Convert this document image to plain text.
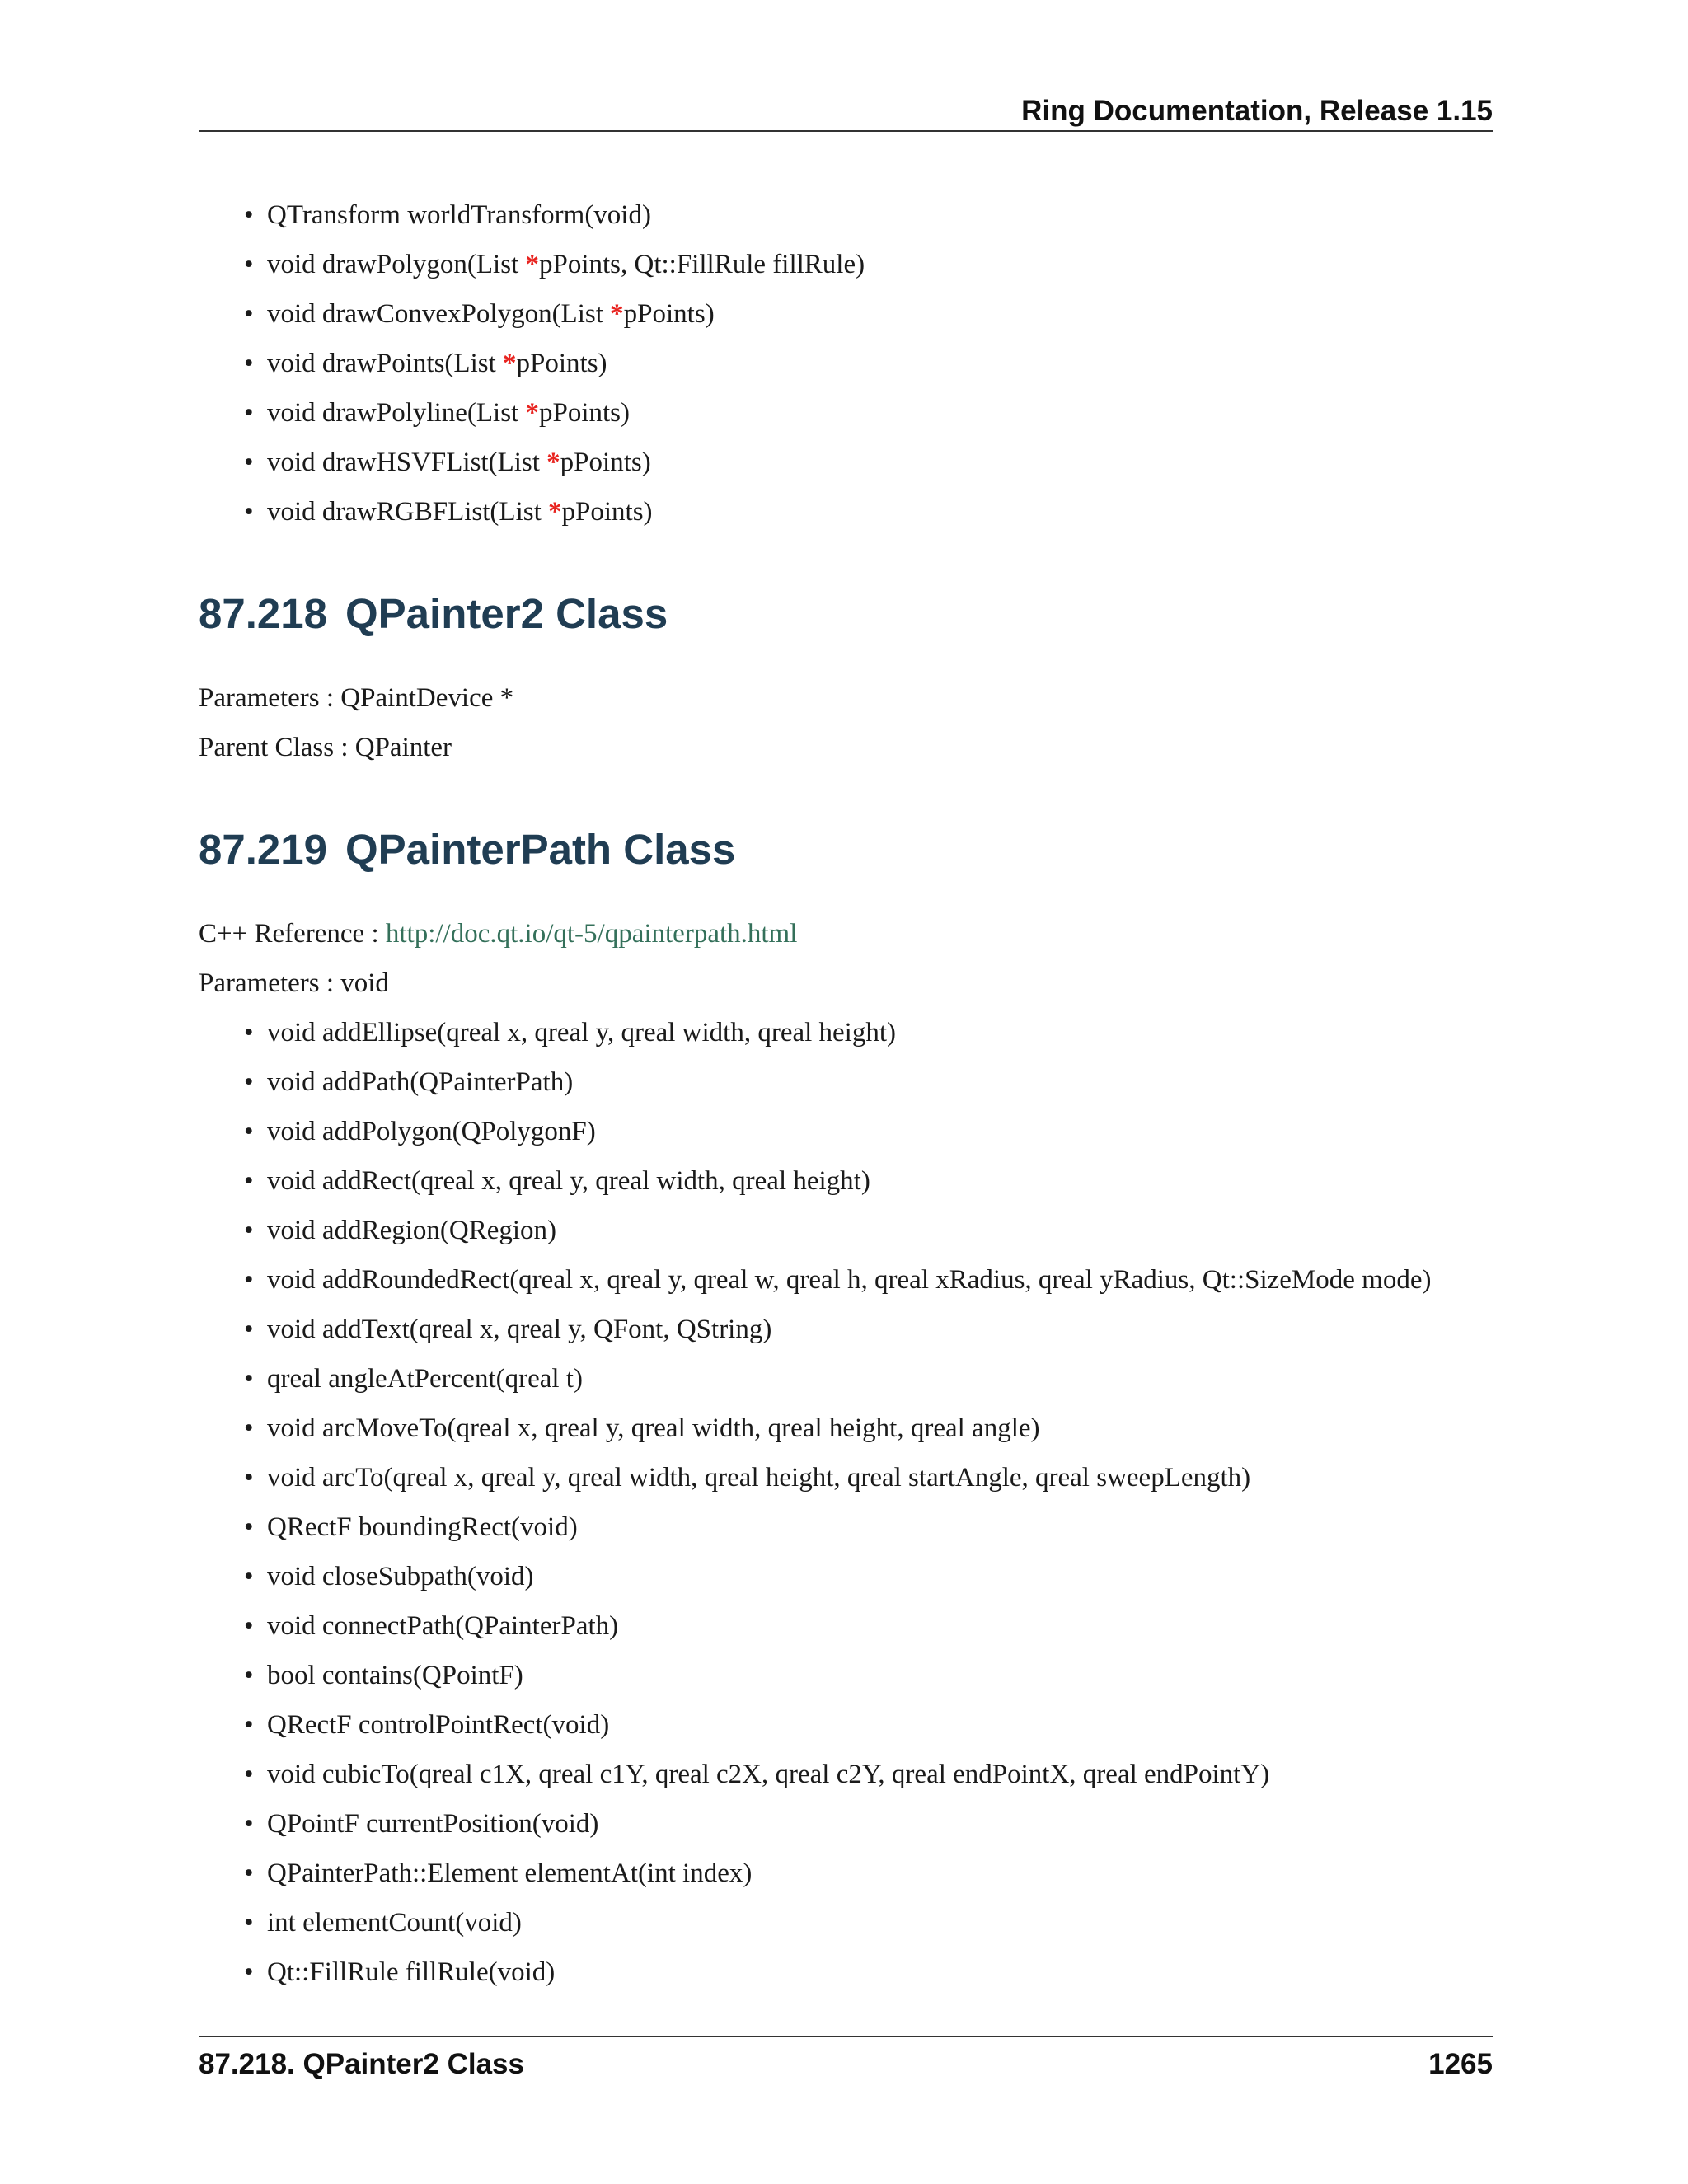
Ring Documentation, Release 1.15
• QTransform worldTransform(void)
• void drawPolygon(List *pPoints, Qt::FillRule fillRule)
• void drawConvexPolygon(List *pPoints)
• void drawPoints(List *pPoints)
• void drawPolyline(List *pPoints)
• void drawHSVFList(List *pPoints)
• void drawRGBFList(List *pPoints)
87.218 QPainter2 Class

Parameters : QPaintDevice *

Parent Class : QPainter

87.219 QPainterPath Class

C++ Reference : http://doc.qt.io/qt-5/qpainterpath.html

Parameters : void

• void addEllipse(qreal x, qreal y, qreal width, qreal height)
• void addPath(QPainterPath)
• void addPolygon(QPolygonF)
• void addRect(qreal x, qreal y, qreal width, qreal height)
• void addRegion(QRegion)
• void addRoundedRect(qreal x, qreal y, qreal w, qreal h, qreal xRadius, qreal yRadius, Qt::SizeMode mode)
• void addText(qreal x, qreal y, QFont, QString)
• qreal angleAtPercent(qreal t)
• void arcMoveTo(qreal x, qreal y, qreal width, qreal height, qreal angle)
• void arcTo(qreal x, qreal y, qreal width, qreal height, qreal startAngle, qreal sweepLength)
• QRectF boundingRect(void)
• void closeSubpath(void)
• void connectPath(QPainterPath)
• bool contains(QPointF)
• QRectF controlPointRect(void)
• void cubicTo(qreal c1X, qreal c1Y, qreal c2X, qreal c2Y, qreal endPointX, qreal endPointY)
• QPointF currentPosition(void)
• QPainterPath::Element elementAt(int index)
• int elementCount(void)
• Qt::FillRule fillRule(void)
87.218. QPainter2 Class	1265
